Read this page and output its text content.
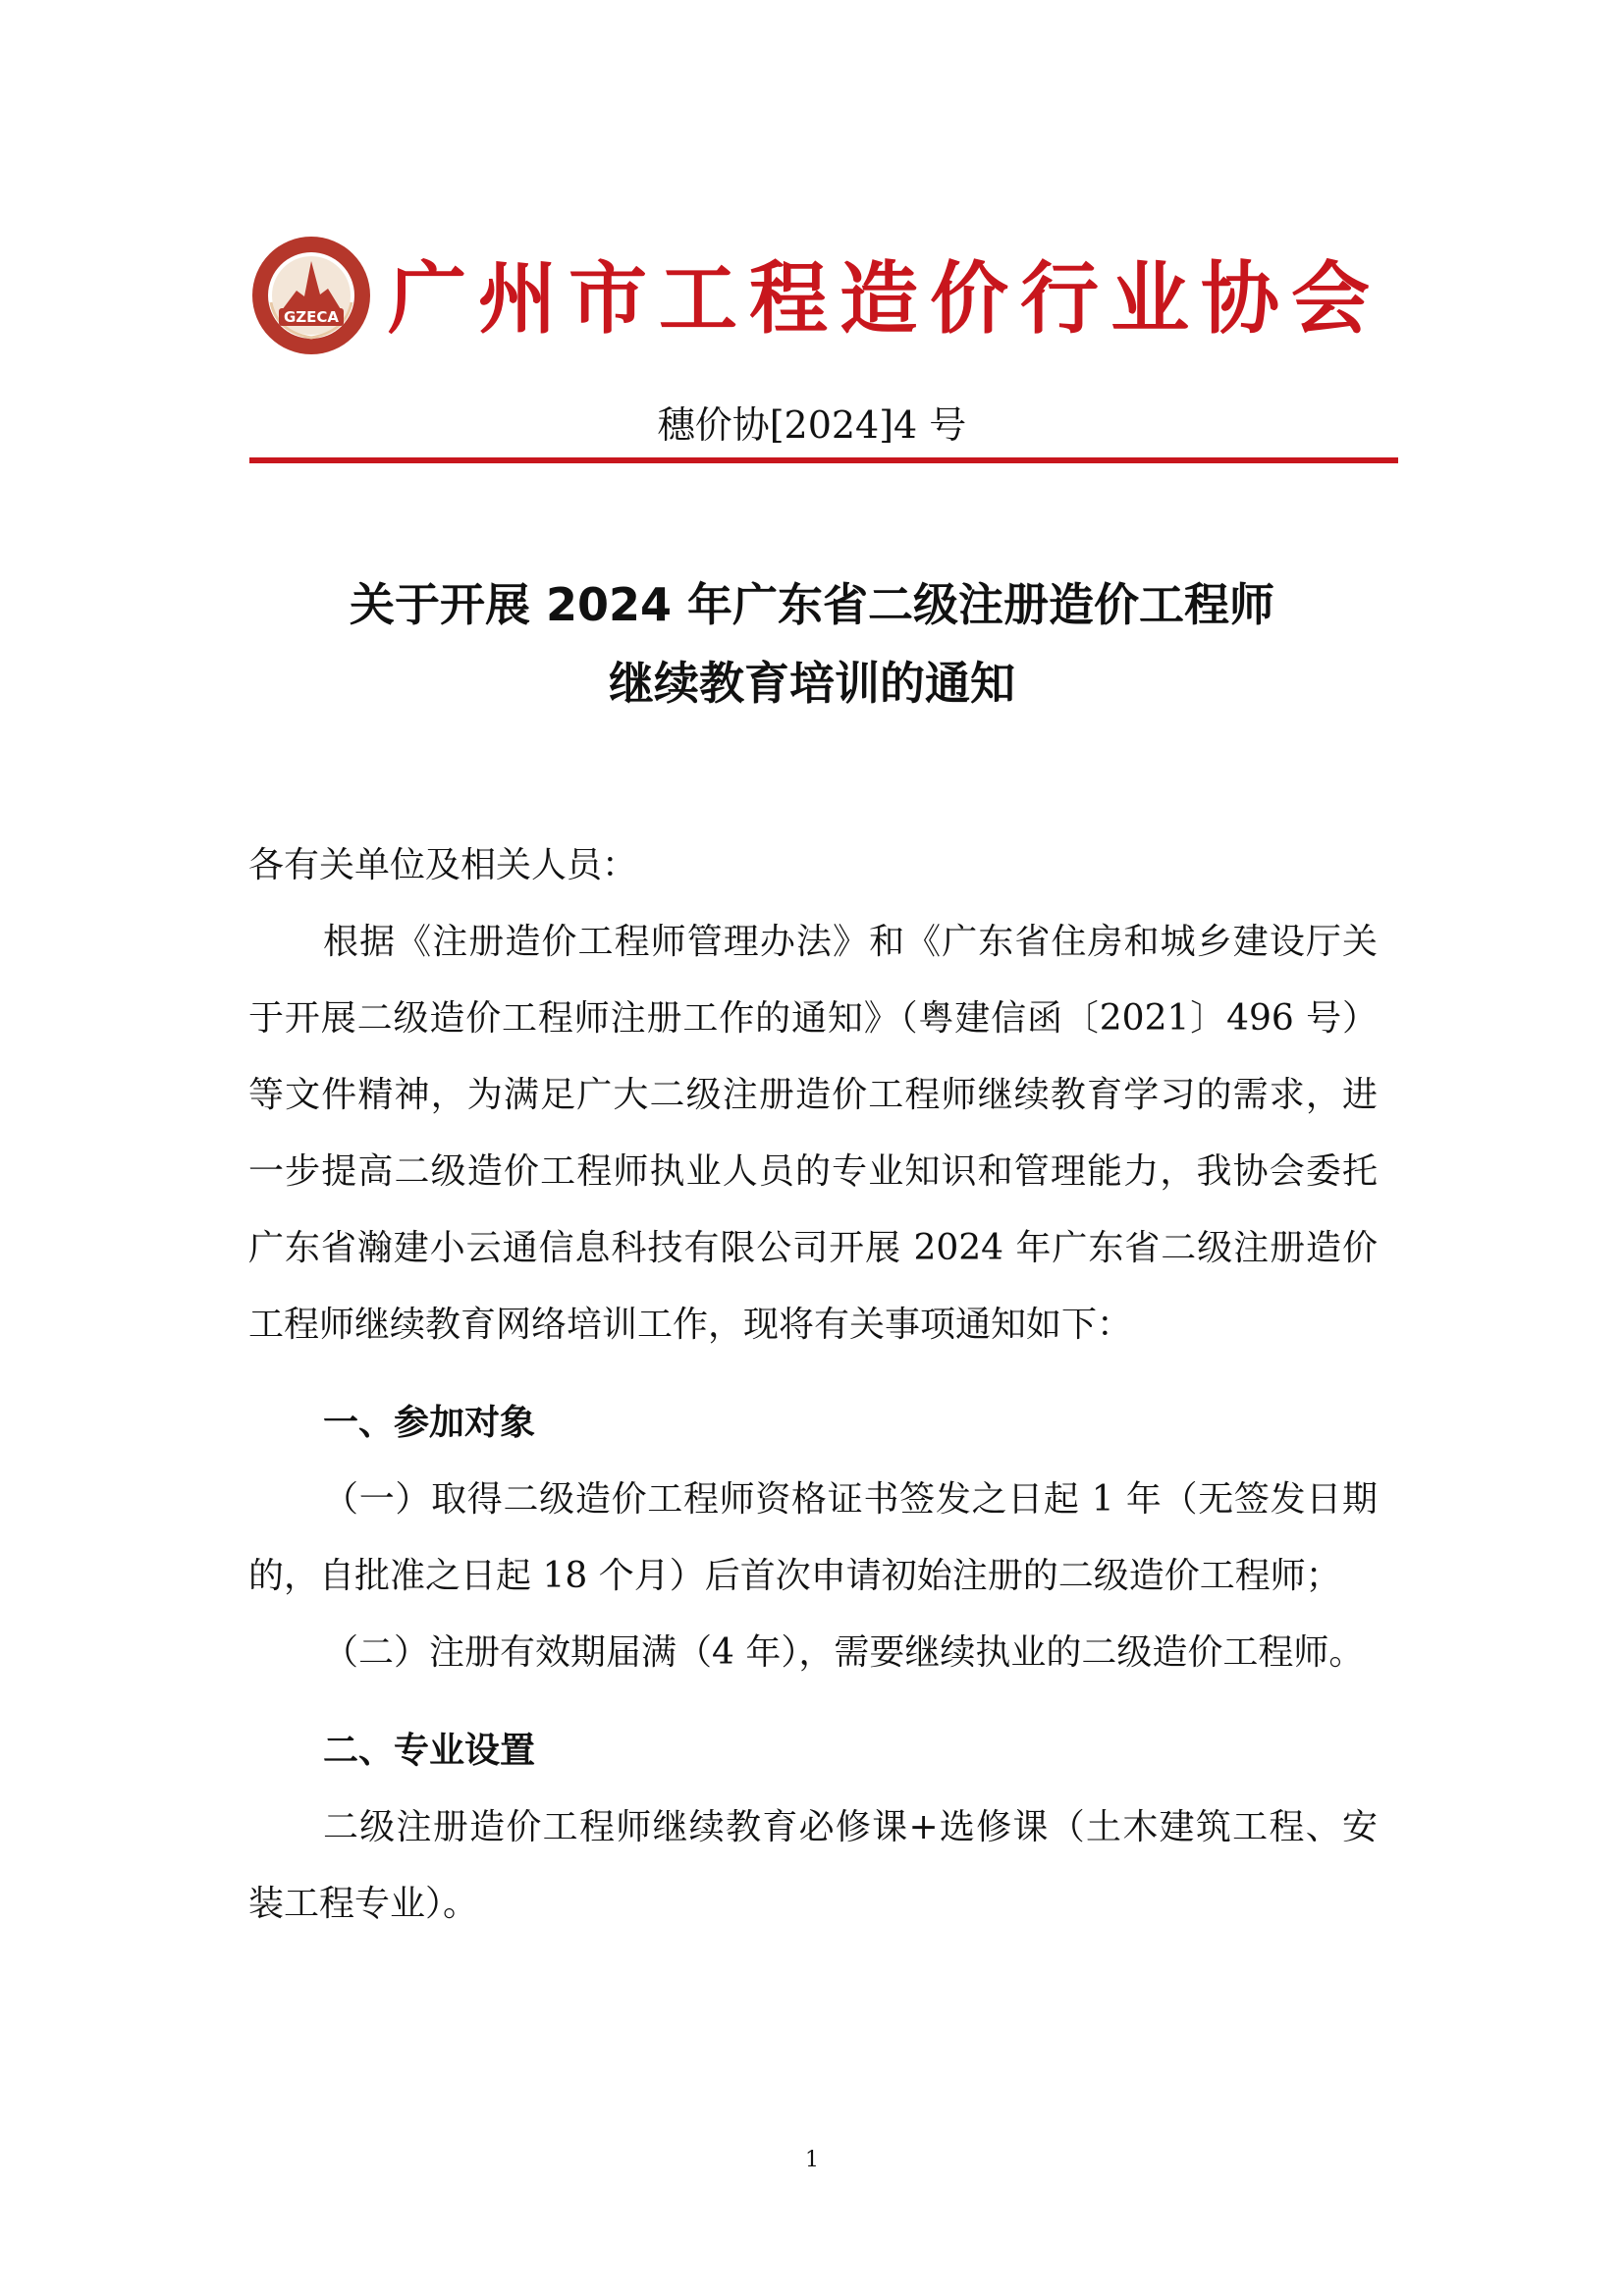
GZECA 广州市工程造价行业协会
穗价协[2024]4 号
关于开展 2024 年广东省二级注册造价工程师
继续教育培训的通知

各有关单位及相关人员：

根据《注册造价工程师管理办法》和《广东省住房和城乡建设厅关于开展二级造价工程师注册工作的通知》（粤建信函〔2021〕496 号）等文件精神，为满足广大二级注册造价工程师继续教育学习的需求，进一步提高二级造价工程师执业人员的专业知识和管理能力，我协会委托广东省瀚建小云通信息科技有限公司开展 2024 年广东省二级注册造价工程师继续教育网络培训工作，现将有关事项通知如下：

一、参加对象

（一）取得二级造价工程师资格证书签发之日起 1 年（无签发日期的，自批准之日起 18 个月）后首次申请初始注册的二级造价工程师；

（二）注册有效期届满（4 年），需要继续执业的二级造价工程师。

二、专业设置

二级注册造价工程师继续教育必修课+选修课（土木建筑工程、安装工程专业）。

1
